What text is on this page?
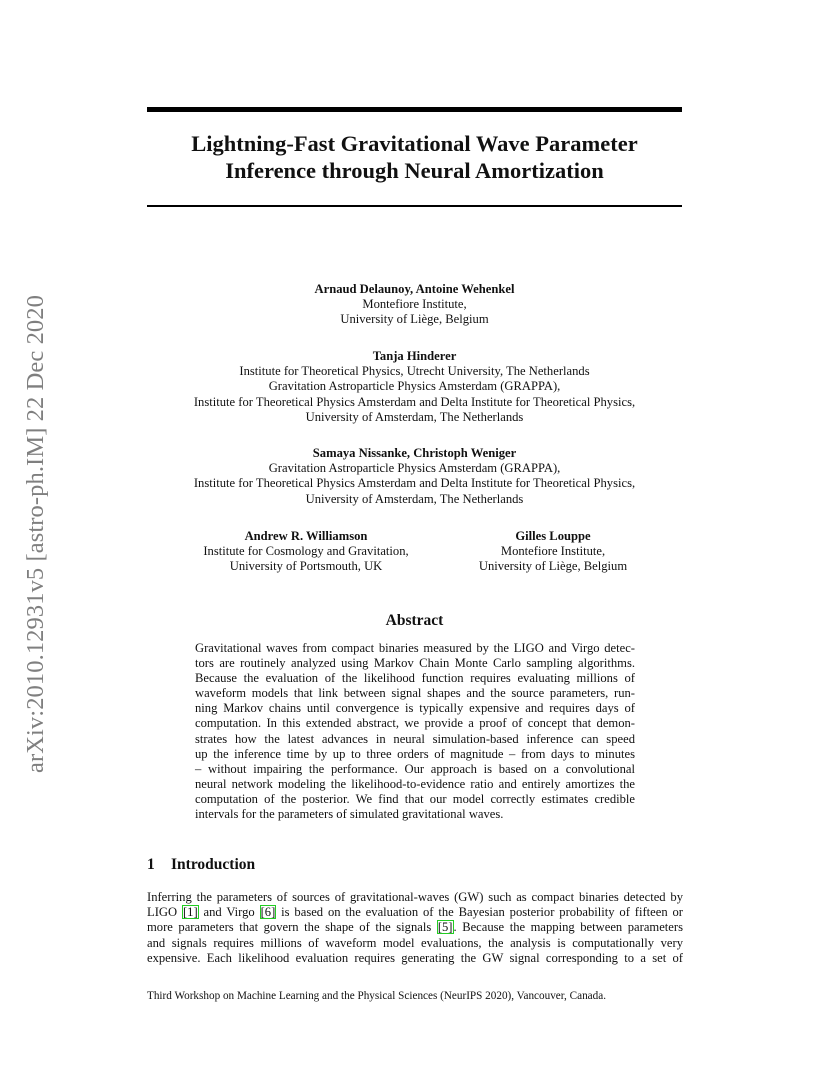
Lightning-Fast Gravitational Wave Parameter
Inference through Neural Amortization
arXiv:2010.12931v5 [astro-ph.IM] 22 Dec 2020
Arnaud Delaunoy, Antoine Wehenkel
Montefiore Institute,
University of Liège, Belgium
Tanja Hinderer
Institute for Theoretical Physics, Utrecht University, The Netherlands
Gravitation Astroparticle Physics Amsterdam (GRAPPA),
Institute for Theoretical Physics Amsterdam and Delta Institute for Theoretical Physics,
University of Amsterdam, The Netherlands
Samaya Nissanke, Christoph Weniger
Gravitation Astroparticle Physics Amsterdam (GRAPPA),
Institute for Theoretical Physics Amsterdam and Delta Institute for Theoretical Physics,
University of Amsterdam, The Netherlands
Andrew R. Williamson
Institute for Cosmology and Gravitation,
University of Portsmouth, UK
Gilles Louppe
Montefiore Institute,
University of Liège, Belgium
Abstract
Gravitational waves from compact binaries measured by the LIGO and Virgo detec-
tors are routinely analyzed using Markov Chain Monte Carlo sampling algorithms.
Because the evaluation of the likelihood function requires evaluating millions of
waveform models that link between signal shapes and the source parameters, run-
ning Markov chains until convergence is typically expensive and requires days of
computation. In this extended abstract, we provide a proof of concept that demon-
strates how the latest advances in neural simulation-based inference can speed
up the inference time by up to three orders of magnitude – from days to minutes
– without impairing the performance. Our approach is based on a convolutional
neural network modeling the likelihood-to-evidence ratio and entirely amortizes the
computation of the posterior. We find that our model correctly estimates credible
intervals for the parameters of simulated gravitational waves.
1 Introduction
Inferring the parameters of sources of gravitational-waves (GW) such as compact binaries detected by
LIGO [1] and Virgo [6] is based on the evaluation of the Bayesian posterior probability of fifteen or
more parameters that govern the shape of the signals [5]. Because the mapping between parameters
and signals requires millions of waveform model evaluations, the analysis is computationally very
expensive. Each likelihood evaluation requires generating the GW signal corresponding to a set of
Third Workshop on Machine Learning and the Physical Sciences (NeurIPS 2020), Vancouver, Canada.
